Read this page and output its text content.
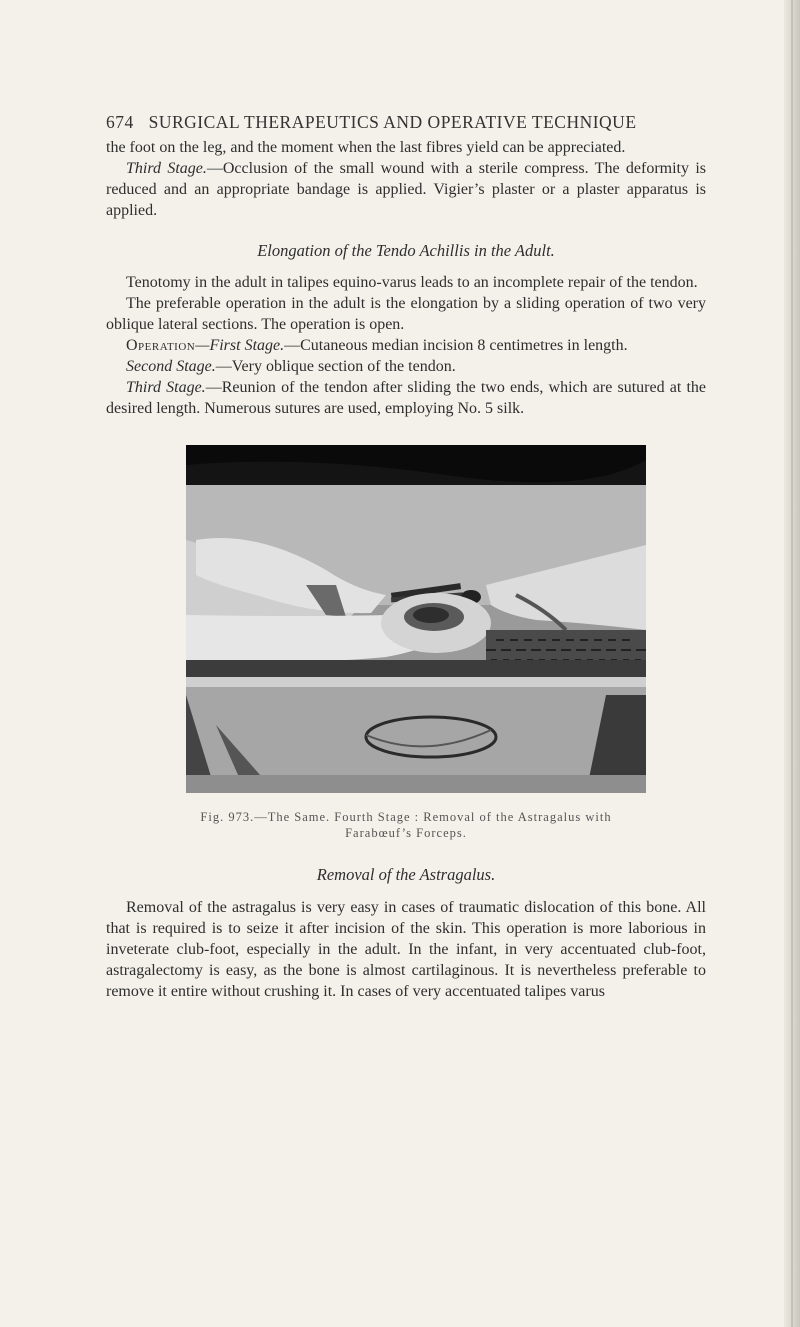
674 SURGICAL THERAPEUTICS AND OPERATIVE TECHNIQUE

the foot on the leg, and the moment when the last fibres yield can be appreciated.

Third Stage.—Occlusion of the small wound with a sterile compress. The deformity is reduced and an appropriate bandage is applied. Vigier’s plaster or a plaster apparatus is applied.

Elongation of the Tendo Achillis in the Adult.

Tenotomy in the adult in talipes equino-varus leads to an incomplete repair of the tendon.

The preferable operation in the adult is the elongation by a sliding operation of two very oblique lateral sections. The operation is open.

Operation—First Stage.—Cutaneous median incision 8 centimetres in length.

Second Stage.—Very oblique section of the tendon.

Third Stage.—Reunion of the tendon after sliding the two ends, which are sutured at the desired length. Numerous sutures are used, employing No. 5 silk.

Fig. 973.—The Same. Fourth Stage : Removal of the Astragalus with
Farabœuf’s Forceps.
Removal of the Astragalus.

Removal of the astragalus is very easy in cases of traumatic dislocation of this bone. All that is required is to seize it after incision of the skin. This operation is more laborious in inveterate club-foot, especially in the adult. In the infant, in very accentuated club-foot, astragalectomy is easy, as the bone is almost cartilaginous. It is nevertheless preferable to remove it entire without crushing it. In cases of very accentuated talipes varus
